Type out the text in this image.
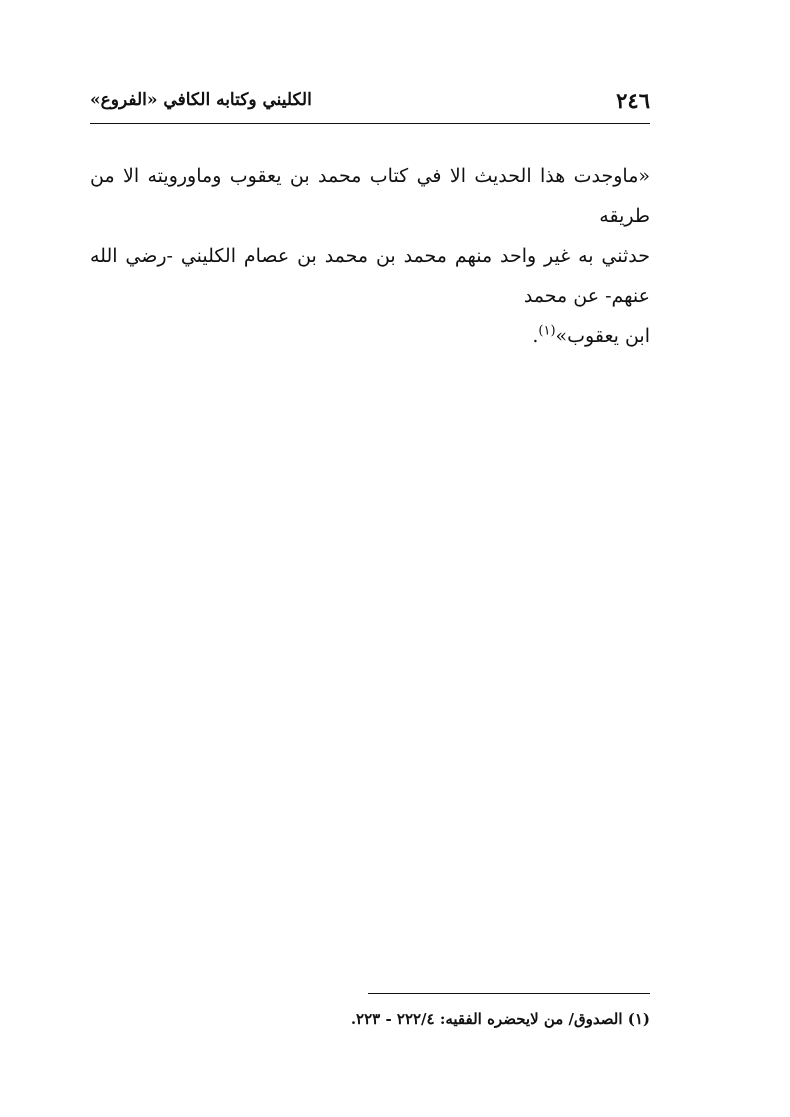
٢٤٦
الكليني وكتابه الكافي «الفروع»

«ماوجدت هذا الحديث الا في كتاب محمد بن يعقوب وماورويته الا من طريقه
حدثني به غير واحد منهم محمد بن محمد بن عصام الكليني -رضي الله عنهم- عن محمد
ابن يعقوب»$^{(١)}$.

(١) الصدوق/ من لايحضره الفقيه: ٢٢٢/٤ - ٢٢٣.
